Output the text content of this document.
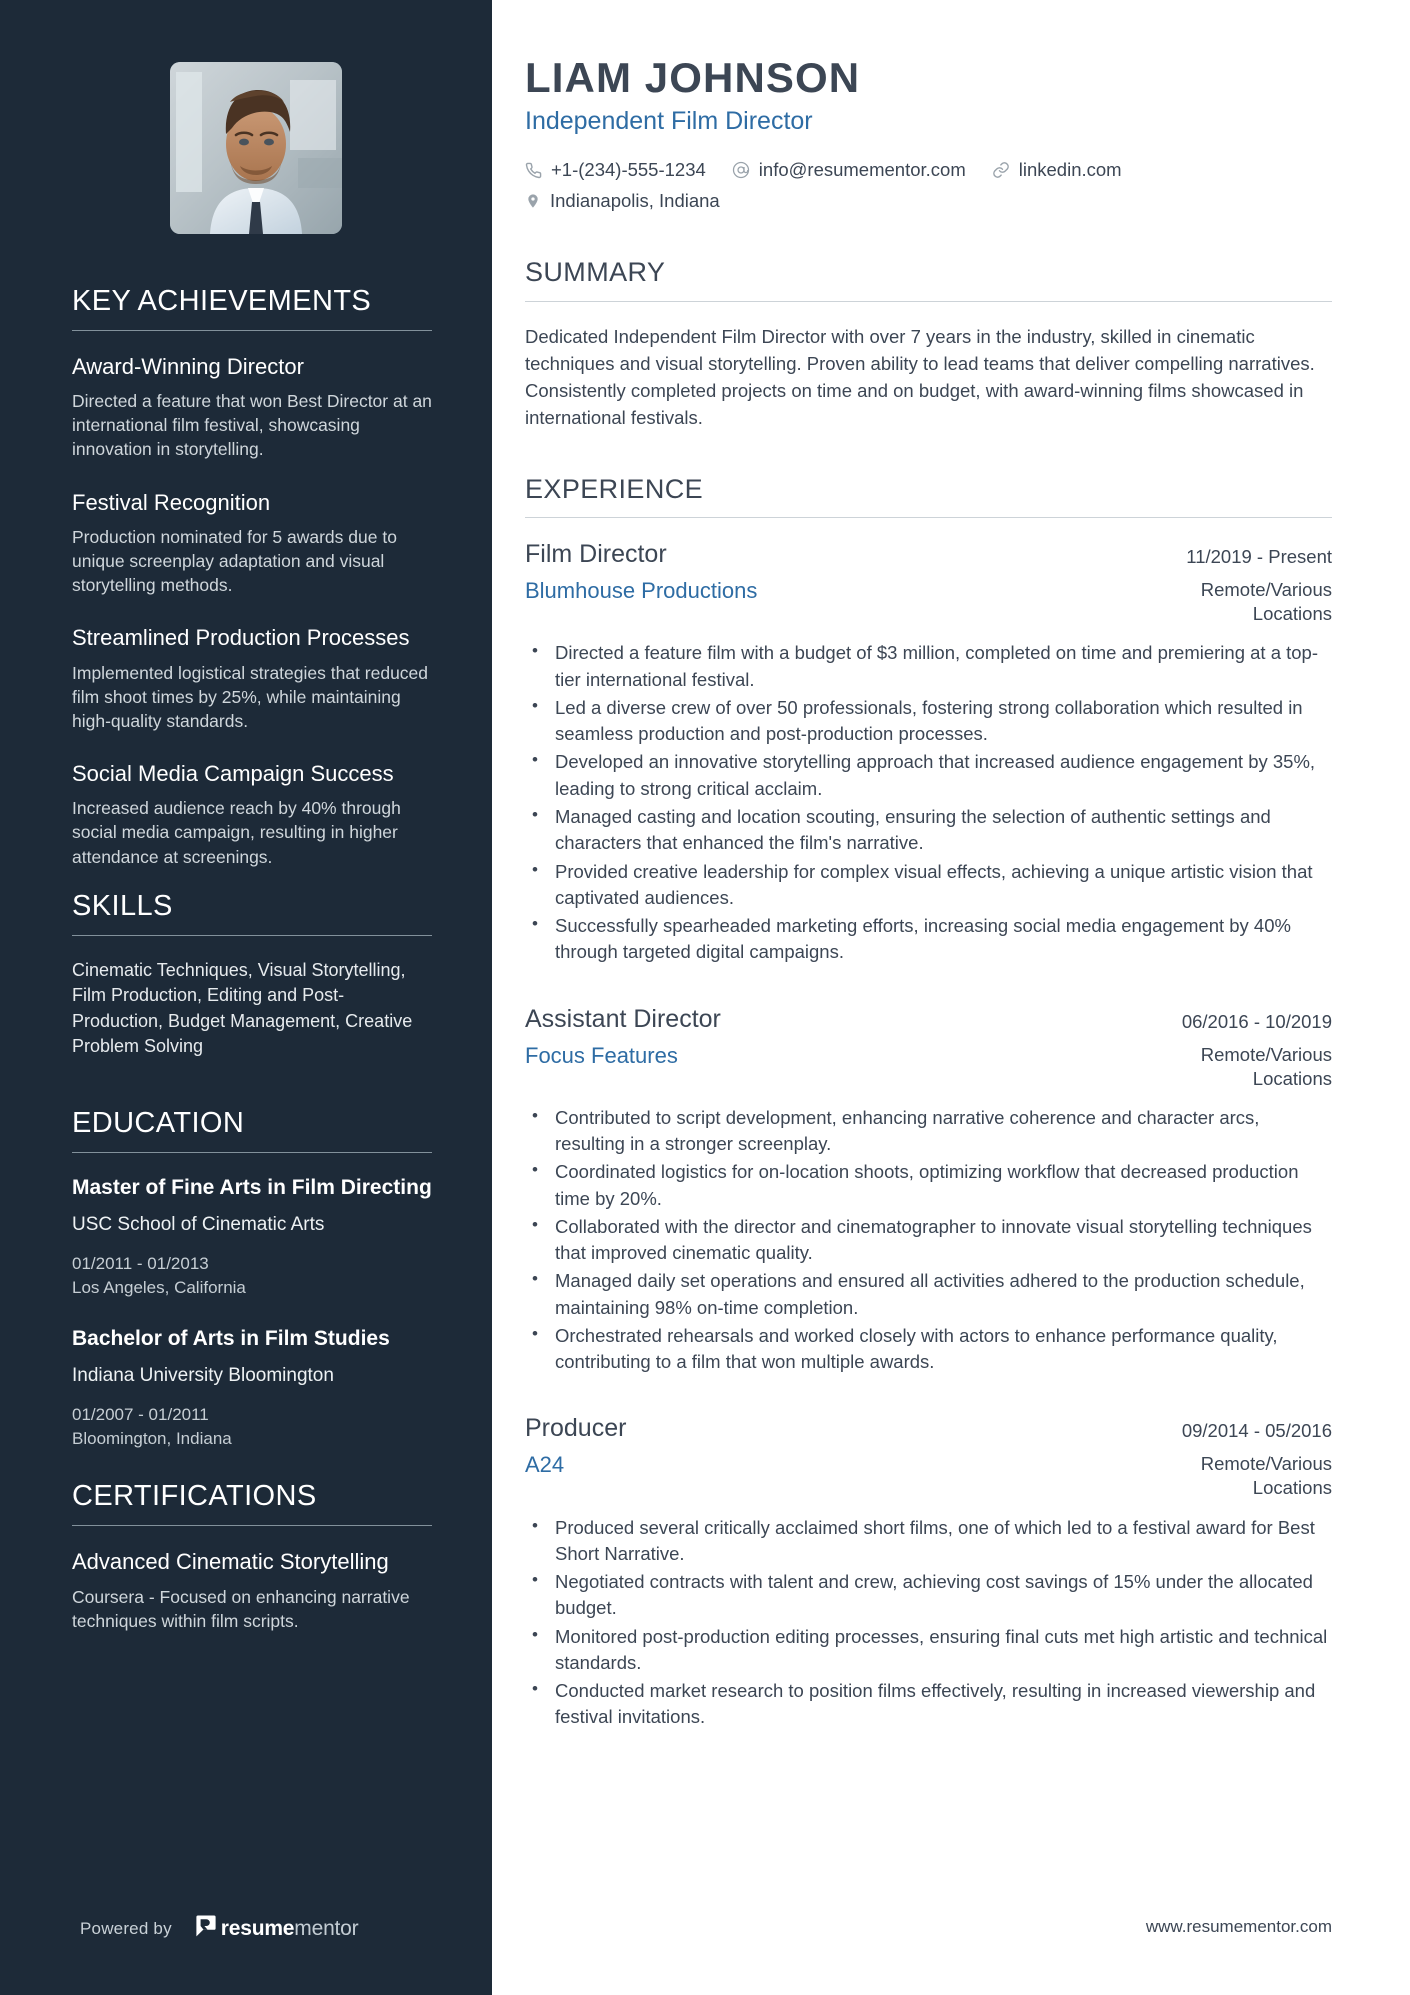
KEY ACHIEVEMENTS
Award-Winning Director
Directed a feature that won Best Director at an international film festival, showcasing innovation in storytelling.
Festival Recognition
Production nominated for 5 awards due to unique screenplay adaptation and visual storytelling methods.
Streamlined Production Processes
Implemented logistical strategies that reduced film shoot times by 25%, while maintaining high-quality standards.
Social Media Campaign Success
Increased audience reach by 40% through social media campaign, resulting in higher attendance at screenings.
SKILLS

Cinematic Techniques, Visual Storytelling, Film Production, Editing and Post-Production, Budget Management, Creative Problem Solving

EDUCATION
Master of Fine Arts in Film Directing
USC School of Cinematic Arts
01/2011 - 01/2013
Los Angeles, California
Bachelor of Arts in Film Studies
Indiana University Bloomington
01/2007 - 01/2011
Bloomington, Indiana
CERTIFICATIONS
Advanced Cinematic Storytelling
Coursera - Focused on enhancing narrative techniques within film scripts.
Powered by resumementor
LIAM JOHNSON
Independent Film Director
+1-(234)-555-1234	info@resumementor.com	linkedin.com
Indianapolis, Indiana
SUMMARY

Dedicated Independent Film Director with over 7 years in the industry, skilled in cinematic techniques and visual storytelling. Proven ability to lead teams that deliver compelling narratives. Consistently completed projects on time and on budget, with award-winning films showcased in international festivals.

EXPERIENCE
Film Director	11/2019 - Present
Blumhouse Productions	Remote/Various Locations
• Directed a feature film with a budget of $3 million, completed on time and premiering at a top-tier international festival.
• Led a diverse crew of over 50 professionals, fostering strong collaboration which resulted in seamless production and post-production processes.
• Developed an innovative storytelling approach that increased audience engagement by 35%, leading to strong critical acclaim.
• Managed casting and location scouting, ensuring the selection of authentic settings and characters that enhanced the film's narrative.
• Provided creative leadership for complex visual effects, achieving a unique artistic vision that captivated audiences.
• Successfully spearheaded marketing efforts, increasing social media engagement by 40% through targeted digital campaigns.
Assistant Director	06/2016 - 10/2019
Focus Features	Remote/Various Locations
• Contributed to script development, enhancing narrative coherence and character arcs, resulting in a stronger screenplay.
• Coordinated logistics for on-location shoots, optimizing workflow that decreased production time by 20%.
• Collaborated with the director and cinematographer to innovate visual storytelling techniques that improved cinematic quality.
• Managed daily set operations and ensured all activities adhered to the production schedule, maintaining 98% on-time completion.
• Orchestrated rehearsals and worked closely with actors to enhance performance quality, contributing to a film that won multiple awards.
Producer	09/2014 - 05/2016
A24	Remote/Various Locations
• Produced several critically acclaimed short films, one of which led to a festival award for Best Short Narrative.
• Negotiated contracts with talent and crew, achieving cost savings of 15% under the allocated budget.
• Monitored post-production editing processes, ensuring final cuts met high artistic and technical standards.
• Conducted market research to position films effectively, resulting in increased viewership and festival invitations.
www.resumementor.com
